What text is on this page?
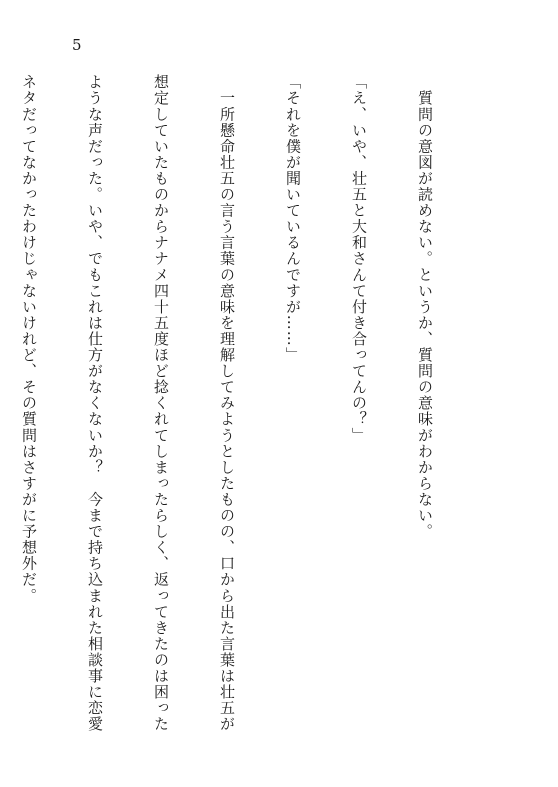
5

　質問の意図が読めない。というか、質問の意味がわからない。

「え、いや、壮五と大和さんて付き合ってんの？」

「それを僕が聞いているんですが……」

　一所懸命壮五の言う言葉の意味を理解してみようとしたものの、口から出た言葉は壮五が

想定していたものからナナメ四十五度ほど捻くれてしまったらしく、返ってきたのは困った

ような声だった。いや、でもこれは仕方がなくないか？　今まで持ち込まれた相談事に恋愛

ネタだってなかったわけじゃないけれど、その質問はさすがに予想外だ。
